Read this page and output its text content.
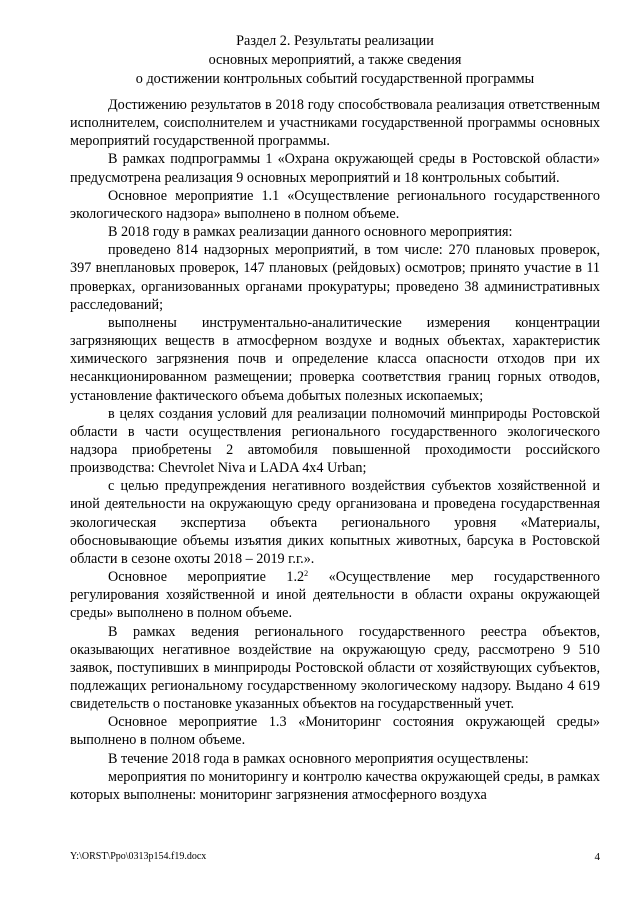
Раздел 2. Результаты реализации
основных мероприятий, а также сведения
о достижении контрольных событий государственной программы

Достижению результатов в 2018 году способствовала реализация ответственным исполнителем, соисполнителем и участниками государственной программы основных мероприятий государственной программы.

В рамках подпрограммы 1 «Охрана окружающей среды в Ростовской области» предусмотрена реализация 9 основных мероприятий и 18 контрольных событий.

Основное мероприятие 1.1 «Осуществление регионального государственного экологического надзора» выполнено в полном объеме.

В 2018 году в рамках реализации данного основного мероприятия:

проведено 814 надзорных мероприятий, в том числе: 270 плановых проверок, 397 внеплановых проверок, 147 плановых (рейдовых) осмотров; принято участие в 11 проверках, организованных органами прокуратуры; проведено 38 административных расследований;

выполнены инструментально-аналитические измерения концентрации загрязняющих веществ в атмосферном воздухе и водных объектах, характеристик химического загрязнения почв и определение класса опасности отходов при их несанкционированном размещении; проверка соответствия границ горных отводов, установление фактического объема добытых полезных ископаемых;

в целях создания условий для реализации полномочий минприроды Ростовской области в части осуществления регионального государственного экологического надзора приобретены 2 автомобиля повышенной проходимости российского производства: Chevrolet Niva и LADA 4x4 Urban;

с целью предупреждения негативного воздействия субъектов хозяйственной и иной деятельности на окружающую среду организована и проведена государственная экологическая экспертиза объекта регионального уровня «Материалы, обосновывающие объемы изъятия диких копытных животных, барсука в Ростовской области в сезоне охоты 2018 – 2019 г.г.».

Основное мероприятие $1.2^2$ «Осуществление мер государственного регулирования хозяйственной и иной деятельности в области охраны окружающей среды» выполнено в полном объеме.

В рамках ведения регионального государственного реестра объектов, оказывающих негативное воздействие на окружающую среду, рассмотрено 9 510 заявок, поступивших в минприроды Ростовской области от хозяйствующих субъектов, подлежащих региональному государственному экологическому надзору. Выдано 4 619 свидетельств о постановке указанных объектов на государственный учет.

Основное мероприятие 1.3 «Мониторинг состояния окружающей среды» выполнено в полном объеме.

В течение 2018 года в рамках основного мероприятия осуществлены:

мероприятия по мониторингу и контролю качества окружающей среды, в рамках которых выполнены: мониторинг загрязнения атмосферного воздуха

Y:\ORST\Ppo\0313p154.f19.docx	4
